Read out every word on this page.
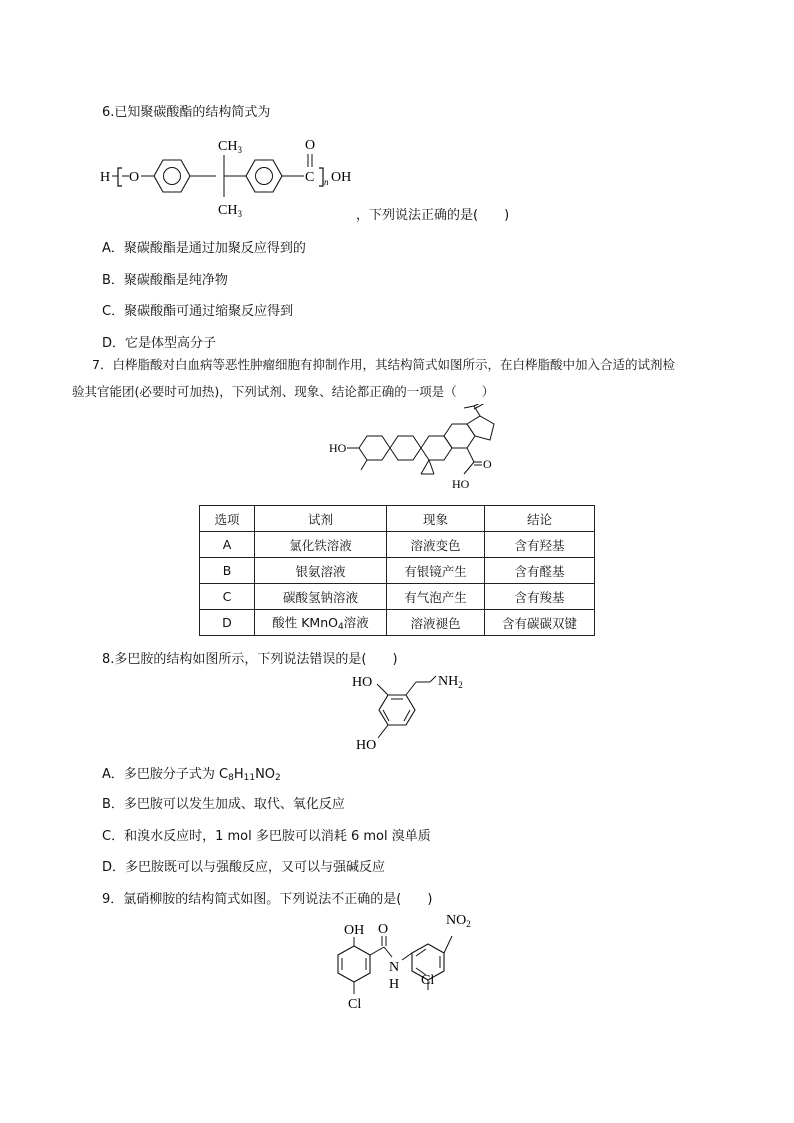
6.已知聚碳酸酯的结构简式为
H O
$CH_3$
$CH_3$
O
C n OH
，下列说法正确的是(　　)
A．聚碳酸酯是通过加聚反应得到的
B．聚碳酸酯是纯净物
C．聚碳酸酯可通过缩聚反应得到
D．它是体型高分子
7．白桦脂酸对白血病等恶性肿瘤细胞有抑制作用，其结构简式如图所示，在白桦脂酸中加入合适的试剂检
验其官能团(必要时可加热)，下列试剂、现象、结论都正确的一项是（　　）
HO
O
HO
选项	试剂	现象	结论
A	氯化铁溶液	溶液变色	含有羟基
B	银氨溶液	有银镜产生	含有醛基
C	碳酸氢钠溶液	有气泡产生	含有羧基
D	酸性 KMnO$_4$溶液	溶液褪色	含有碳碳双键
8.多巴胺的结构如图所示，下列说法错误的是(　　)
HO	$NH_2$
HO
A．多巴胺分子式为 $C_8H_{11}NO_2$
B．多巴胺可以发生加成、取代、氧化反应
C．和溴水反应时，1 mol 多巴胺可以消耗 6 mol 溴单质
D．多巴胺既可以与强酸反应，又可以与强碱反应
9．氯硝柳胺的结构简式如图。下列说法不正确的是(　　)
OH
Cl
O
N
H
$NO_2$
Cl
